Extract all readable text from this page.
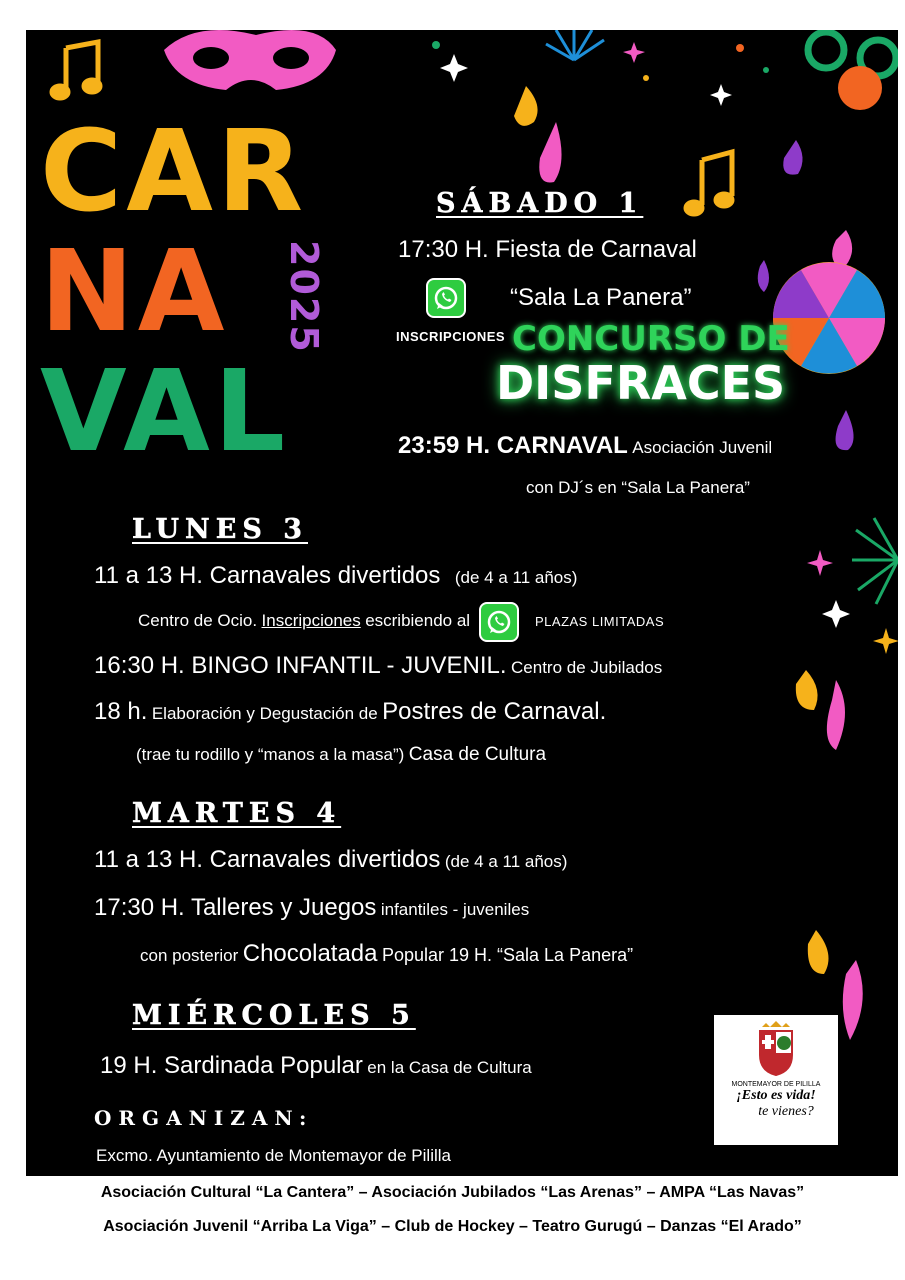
CAR
NA
VAL
2025
SÁBADO 1
17:30 H. Fiesta de Carnaval
“Sala La Panera”
INSCRIPCIONES CONCURSO DE
DISFRACES
23:59 H. CARNAVAL Asociación Juvenil
con DJ´s en “Sala La Panera”
LUNES 3
11 a 13 H. Carnavales divertidos (de 4 a 11 años)
Centro de Ocio. Inscripciones escribiendo al	PLAZAS LIMITADAS
16:30 H. BINGO INFANTIL - JUVENIL. Centro de Jubilados
18 h. Elaboración y Degustación de Postres de Carnaval.
(trae tu rodillo y “manos a la masa”) Casa de Cultura
MARTES 4
11 a 13 H. Carnavales divertidos (de 4 a 11 años)
17:30 H. Talleres y Juegos infantiles - juveniles
con posterior Chocolatada Popular 19 H. “Sala La Panera”
MIÉRCOLES 5
19 H. Sardinada Popular en la Casa de Cultura
ORGANIZAN:
Excmo. Ayuntamiento de Montemayor de Pililla
MONTEMAYOR DE PILILLA
¡Esto es vida!
te vienes?
Asociación Cultural “La Cantera” – Asociación Jubilados “Las Arenas” – AMPA “Las Navas”
Asociación Juvenil “Arriba La Viga” – Club de Hockey – Teatro Gurugú – Danzas “El Arado”
